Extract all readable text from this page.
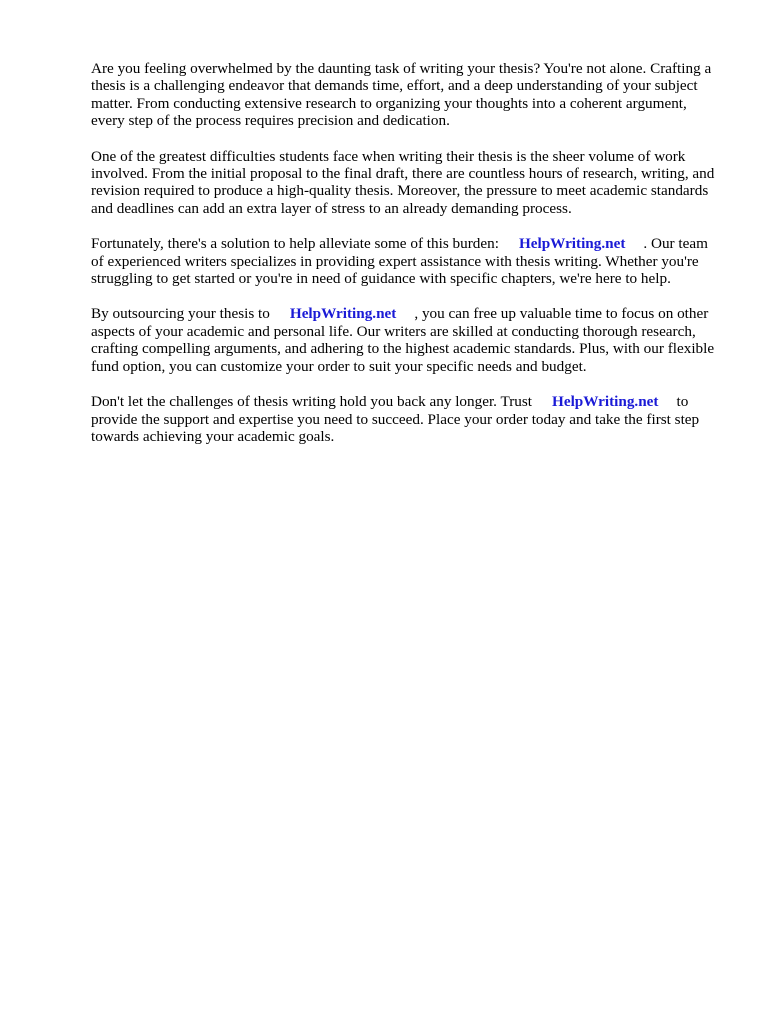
Are you feeling overwhelmed by the daunting task of writing your thesis? You're not alone. Crafting a thesis is a challenging endeavor that demands time, effort, and a deep understanding of your subject matter. From conducting extensive research to organizing your thoughts into a coherent argument, every step of the process requires precision and dedication.

One of the greatest difficulties students face when writing their thesis is the sheer volume of work involved. From the initial proposal to the final draft, there are countless hours of research, writing, and revision required to produce a high-quality thesis. Moreover, the pressure to meet academic standards and deadlines can add an extra layer of stress to an already demanding process.

Fortunately, there's a solution to help alleviate some of this burden: HelpWriting.net . Our team of experienced writers specializes in providing expert assistance with thesis writing. Whether you're struggling to get started or you're in need of guidance with specific chapters, we're here to help.

By outsourcing your thesis to HelpWriting.net , you can free up valuable time to focus on other aspects of your academic and personal life. Our writers are skilled at conducting thorough research, crafting compelling arguments, and adhering to the highest academic standards. Plus, with our flexible fund option, you can customize your order to suit your specific needs and budget.

Don't let the challenges of thesis writing hold you back any longer. Trust HelpWriting.net to provide the support and expertise you need to succeed. Place your order today and take the first step towards achieving your academic goals.
